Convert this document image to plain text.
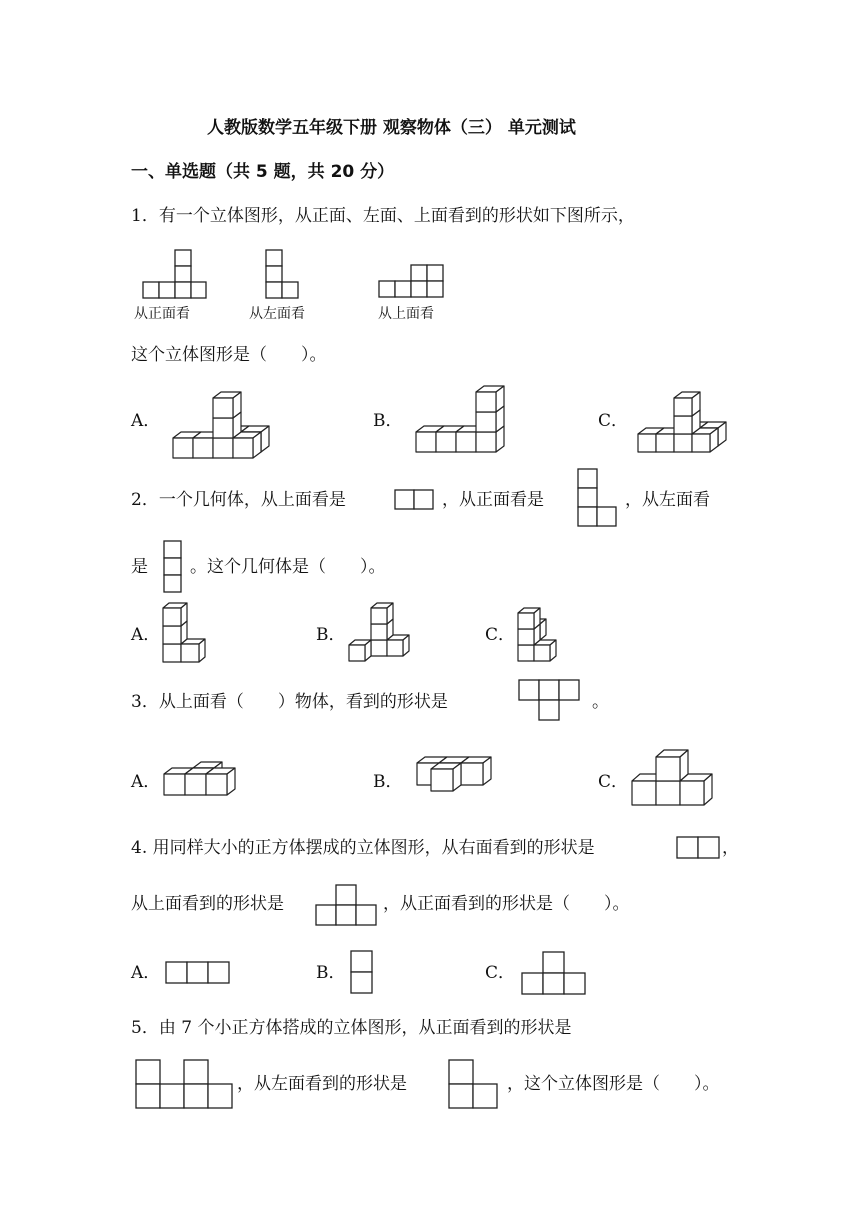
人教版数学五年级下册 观察物体（三） 单元测试
一、单选题（共 5 题，共 20 分）
1．有一个立体图形，从正面、左面、上面看到的形状如下图所示，
从正面看	从左面看	从上面看
这个立体图形是（　　）。
A．	B．	C．
2．一个几何体，从上面看是	，从正面看是	，从左面看
是 。这个几何体是（　　）。
A．	B．	C．
3．从上面看（　　）物体，看到的形状是	。
A．	B．	C．
4. 用同样大小的正方体摆成的立体图形，从右面看到的形状是	，
从上面看到的形状是	，从正面看到的形状是（　　）。
A．	B．	C．
5．由 7 个小正方体搭成的立体图形，从正面看到的形状是
，从左面看到的形状是	，这个立体图形是（　　）。
